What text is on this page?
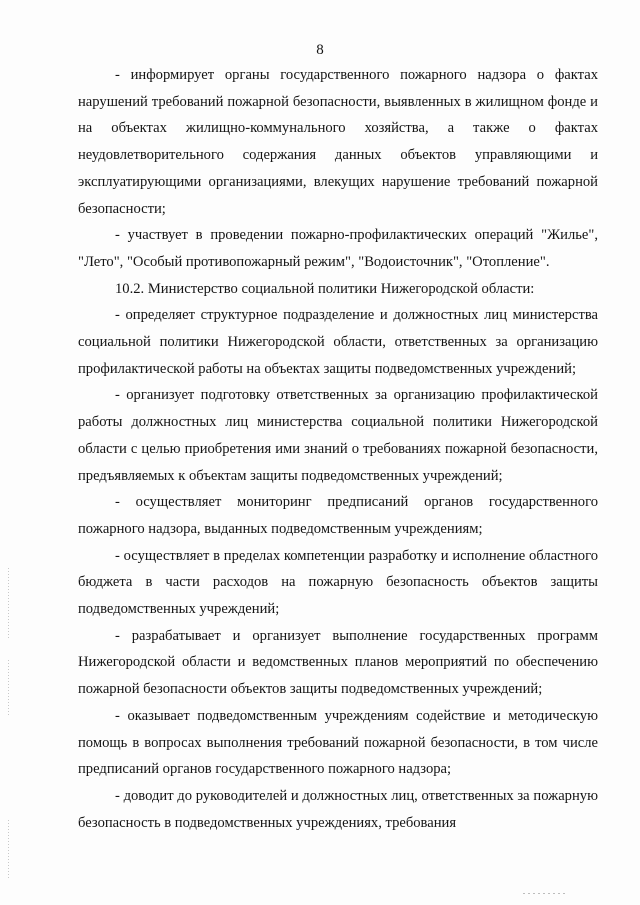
8

- информирует органы государственного пожарного надзора о фактах нарушений требований пожарной безопасности, выявленных в жилищном фонде и на объектах жилищно-коммунального хозяйства, а также о фактах неудовлетворительного содержания данных объектов управляющими и эксплуатирующими организациями, влекущих нарушение требований пожарной безопасности;

- участвует в проведении пожарно-профилактических операций "Жилье", "Лето", "Особый противопожарный режим", "Водоисточник", "Отопление".

10.2. Министерство социальной политики Нижегородской области:

- определяет структурное подразделение и должностных лиц министерства социальной политики Нижегородской области, ответственных за организацию профилактической работы на объектах защиты подведомственных учреждений;

- организует подготовку ответственных за организацию профилактической работы должностных лиц министерства социальной политики Нижегородской области с целью приобретения ими знаний о требованиях пожарной безопасности, предъявляемых к объектам защиты подведомственных учреждений;

- осуществляет мониторинг предписаний органов государственного пожарного надзора, выданных подведомственным учреждениям;

- осуществляет в пределах компетенции разработку и исполнение областного бюджета в части расходов на пожарную безопасность объектов защиты подведомственных учреждений;

- разрабатывает и организует выполнение государственных программ Нижегородской области и ведомственных планов мероприятий по обеспечению пожарной безопасности объектов защиты подведомственных учреждений;

- оказывает подведомственным учреждениям содействие и методическую помощь в вопросах выполнения требований пожарной безопасности, в том числе предписаний органов государственного пожарного надзора;

- доводит до руководителей и должностных лиц, ответственных за пожарную безопасность в подведомственных учреждениях, требования
